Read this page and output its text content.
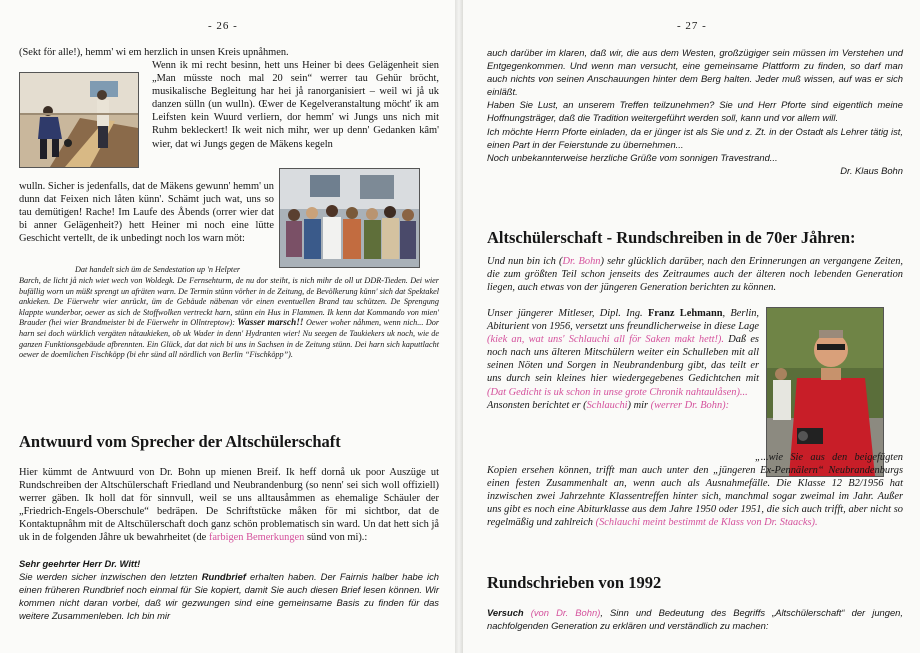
- 26 -

(Sekt för alle!), hemm' wi em herzlich in unsen Kreis upnåhmen.

Wenn ik mi recht besinn, hett uns Heiner bi dees Gelägenheit sien „Man müsste noch mal 20 sein“ werrer tau Gehür bröcht, musikalische Begleitung har hei jå ranorganisiert – weil wi jå uk danzen sülln (un wulln). Œwer de Kegelveranstaltung möcht' ik am Leifsten kein Wuurd verliern, dor hemm' wi Jungs uns nich mit Ruhm bekleckert! Ik weit nich mihr, wer up denn' Gedanken kâm' wier, dat wi Jungs gegen de Mäkens kegeln

wulln. Sicher is jedenfalls, dat de Mäkens gewunn' hemm' un dunn dat Feixen nich låten künn'. Schämt juch wat, uns so tau demütigen! Rache! Im Laufe des Åbends (orrer wier dat bi anner Gelägenheit?) hett Heiner mi noch eine lütte Geschicht vertellt, de ik unbedingt noch los warn möt:

Dat handelt sich üm de Sendestation up 'n Helpter

Barch, de licht jå nich wiet wech von Woldegk. De Fernsehturm, de nu dor steiht, is nich mihr de oll ut DDR-Tieden. Dei wier bufällig worn un müßt sprengt un afräten warn. De Termin stünn vörher in de Zeitung, de Bevölkerung künn' sich dat Spektakel ankieken. De Füerwehr wier anrückt, üm de Gebäude näbenan vör einen eventuellen Brand tau schützen. De Sprengung klappte wunderbor, oewer as sich de Stoffwolken vertreckt harn, stünn ein Hus in Flammen. Ik kenn dat Kommando von mien' Brauder (hei wier Brandmeister bi de Füerwehr in Ollntreptow): Wasser marsch!! Oewer woher nåhmen, wenn nich... Dor harn sei doch würklich vergäten nåtaukieken, ob uk Wader in denn' Hydranten wier! Nu seegen de Taukiekers uk noch, wie de ganzen Funktionsgebäude afbrennten. Ein Glück, dat dat nich bi uns in Sachsen in de Zeitung stünn. Dei harn sich kaputtlacht oewer de doemlichen Fischköpp (bi ehr sünd all nördlich von Berlin “Fischköpp”).
Antwuurd vom Sprecher der Altschülerschaft
Hier kümmt de Antwuurd von Dr. Bohn up mienen Breif. Ik heff dornå uk poor Auszüge ut Rundschreiben der Altschülerschaft Friedland und Neubrandenburg (so nenn' sei sich woll offiziell) werrer gäben. Ik holl dat för sinnvull, weil se uns alltausåmmen as ehemalige Schäuler der „Friedrich-Engels-Oberschule“ bedräpen. De Schriftstücke måken för mi sichtbor, dat de Kontaktupnåhm mit de Altschülerschaft doch ganz schön problematisch sin ward. Un dat hett sich jå uk in de folgenden Jåhre uk bewahrheitet (de farbigen Bemerkungen sünd von mi).:
Sehr geehrter Herr Dr. Witt!
Sie werden sicher inzwischen den letzten Rundbrief erhalten haben. Der Fairnis halber habe ich einen früheren Rundbrief noch einmal für Sie kopiert, damit Sie auch diesen Brief lesen können. Wir kommen nicht daran vorbei, daß wir gezwungen sind eine gemeinsame Basis zu finden für das weitere Zusammenleben. Ich bin mir
- 27 -
auch darüber im klaren, daß wir, die aus dem Westen, großzügiger sein müssen im Verstehen und Entgegenkommen. Und wenn man versucht, eine gemeinsame Plattform zu finden, so darf man auch nichts von seinen Anschauungen hinter dem Berg halten. Jeder muß wissen, auf was er sich einläßt.
Haben Sie Lust, an unserem Treffen teilzunehmen? Sie und Herr Pforte sind eigentlich meine Hoffnungsträger, daß die Tradition weitergeführt werden soll, kann und vor allem will.
Ich möchte Herrn Pforte einladen, da er jünger ist als Sie und z. Zt. in der Ostadt als Lehrer tätig ist, einen Part in der Feierstunde zu übernehmen...
Noch unbekannterweise herzliche Grüße vom sonnigen Travestrand...
Dr. Klaus Bohn
Altschülerschaft - Rundschreiben in de 70er Jåhren:
Und nun bin ich (Dr. Bohn) sehr glücklich darüber, nach den Erinnerungen an vergangene Zeiten, die zum größten Teil schon jenseits des Zeitraumes auch der älteren noch lebenden Generation liegen, auch etwas von der jüngeren Generation berichten zu können.
Unser jüngerer Mitleser, Dipl. Ing. Franz Lehmann, Berlin, Abiturient von 1956, versetzt uns freundlicherweise in diese Lage (kiek an, wat uns' Schlauchi all för Saken makt hett!). Daß es noch nach uns älteren Mitschülern weiter ein Schulleben mit all seinen Nöten und Sorgen in Neubrandenburg gibt, das teilt er uns durch sein kleines hier wiedergegebenes Gedichtchen mit (Dat Gedicht is uk schon in unse grote Chronik nahtaulåsen)...
Ansonsten berichtet er (Schlauchi) mir (werrer Dr. Bohn):
„...wie Sie aus den beigefügten Kopien ersehen können, trifft man auch unter den „jüngeren Ex-Pennälern“ Neubrandenburgs einen festen Zusammenhalt an, wenn auch als Ausnahmefälle. Die Klasse 12 B2/1956 hat inzwischen zwei Jahrzehnte Klassentreffen hinter sich, manchmal sogar zweimal im Jahr. Außer uns gibt es noch eine Abiturklasse aus dem Jahre 1950 oder 1951, die sich auch trifft, aber nicht so regelmäßig und zahlreich (Schlauchi meint bestimmt de Klass von Dr. Staacks).
Rundschrieben von 1992
Versuch (von Dr. Bohn), Sinn und Bedeutung des Begriffs „Altschülerschaft“ der jungen, nachfolgenden Generation zu erklären und verständlich zu machen:
